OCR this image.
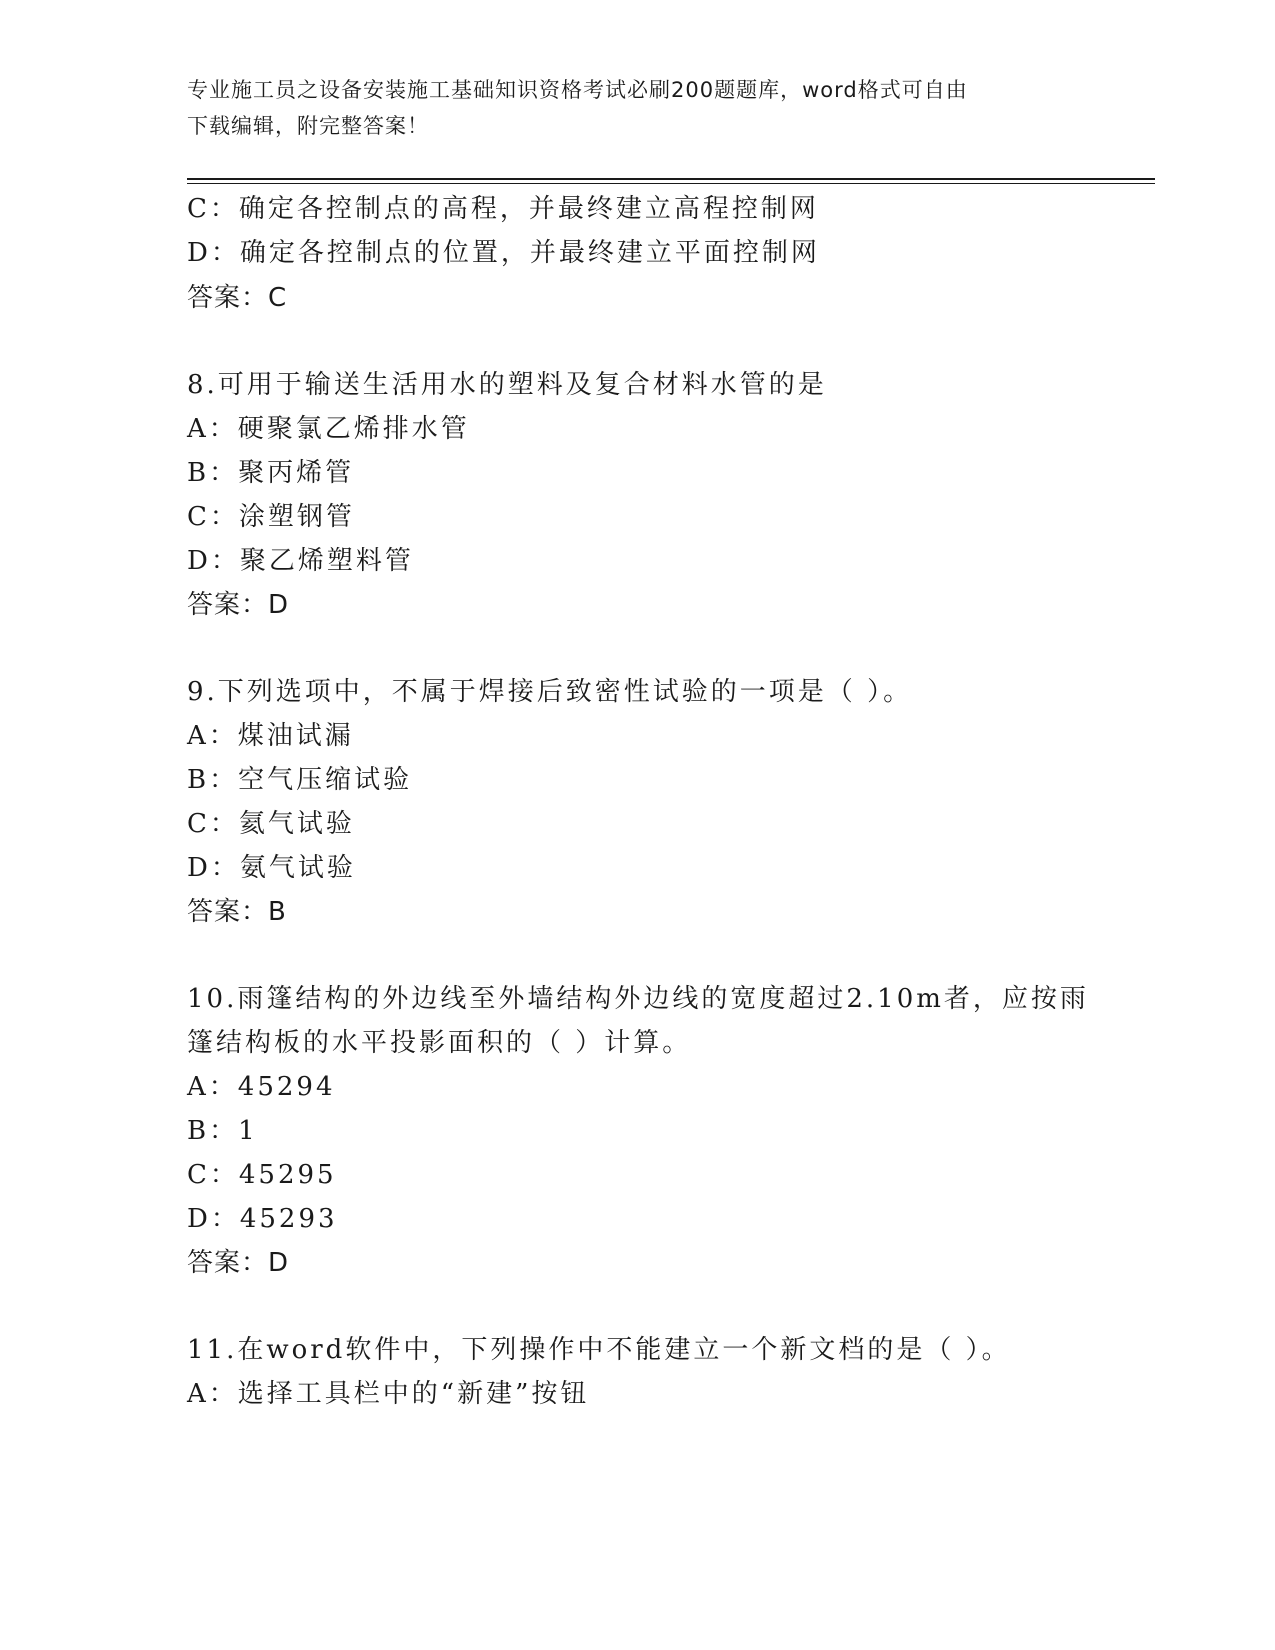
专业施工员之设备安装施工基础知识资格考试必刷200题题库，word格式可自由
下载编辑，附完整答案！
C：确定各控制点的高程，并最终建立高程控制网
D：确定各控制点的位置，并最终建立平面控制网
答案：C
8.可用于输送生活用水的塑料及复合材料水管的是
A：硬聚氯乙烯排水管
B：聚丙烯管
C：涂塑钢管
D：聚乙烯塑料管
答案：D
9.下列选项中，不属于焊接后致密性试验的一项是（ ）。
A：煤油试漏
B：空气压缩试验
C：氦气试验
D：氨气试验
答案：B
10.雨篷结构的外边线至外墙结构外边线的宽度超过2.10m者，应按雨
篷结构板的水平投影面积的（ ）计算。
A：45294
B：1
C：45295
D：45293
答案：D
11.在word软件中，下列操作中不能建立一个新文档的是（ ）。
A：选择工具栏中的“新建”按钮
